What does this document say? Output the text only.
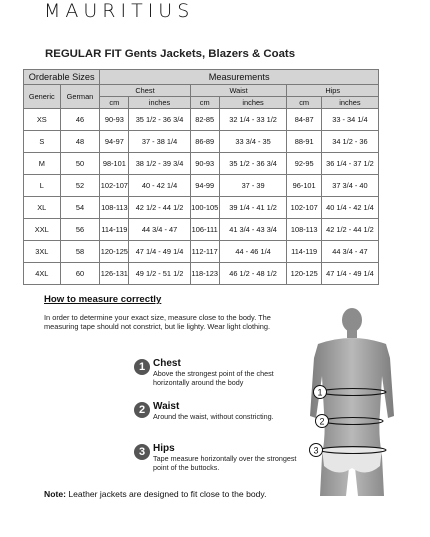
MAURITIUS
REGULAR FIT Gents Jackets, Blazers & Coats
Orderable Sizes		Measurements					
Generic	German	Chest		Waist		Hips	
		cm	inches	cm	inches	cm	inches
XS	46	90-93	35 1/2 - 36 3/4	82-85	32 1/4 - 33 1/2	84-87	33 - 34 1/4
S	48	94-97	37 - 38 1/4	86-89	33 3/4 - 35	88-91	34 1/2 - 36
M	50	98-101	38 1/2 - 39 3/4	90-93	35 1/2 - 36 3/4	92-95	36 1/4 - 37 1/2
L	52	102-107	40 - 42 1/4	94-99	37 - 39	96-101	37 3/4 - 40
XL	54	108-113	42 1/2 - 44 1/2	100-105	39 1/4 - 41 1/2	102-107	40 1/4 - 42 1/4
XXL	56	114-119	44 3/4 - 47	106-111	41 3/4 - 43 3/4	108-113	42 1/2 - 44 1/2
3XL	58	120-125	47 1/4 - 49 1/4	112-117	44 - 46 1/4	114-119	44 3/4 - 47
4XL	60	126-131	49 1/2 - 51 1/2	118-123	46 1/2 - 48 1/2	120-125	47 1/4 - 49 1/4
How to measure correctly
In order to determine your exact size, measure close to the body. The measuring tape should not constrict, but lie lighty. Wear light clothing.
1 Chest
Above the strongest point of the chest horizontally around the body
2 Waist
Around the waist, without constricting.
3 Hips
Tape measure horizontally over the strongest point of the buttocks.
1
2
3
Note: Leather jackets are designed to fit close to the body.
